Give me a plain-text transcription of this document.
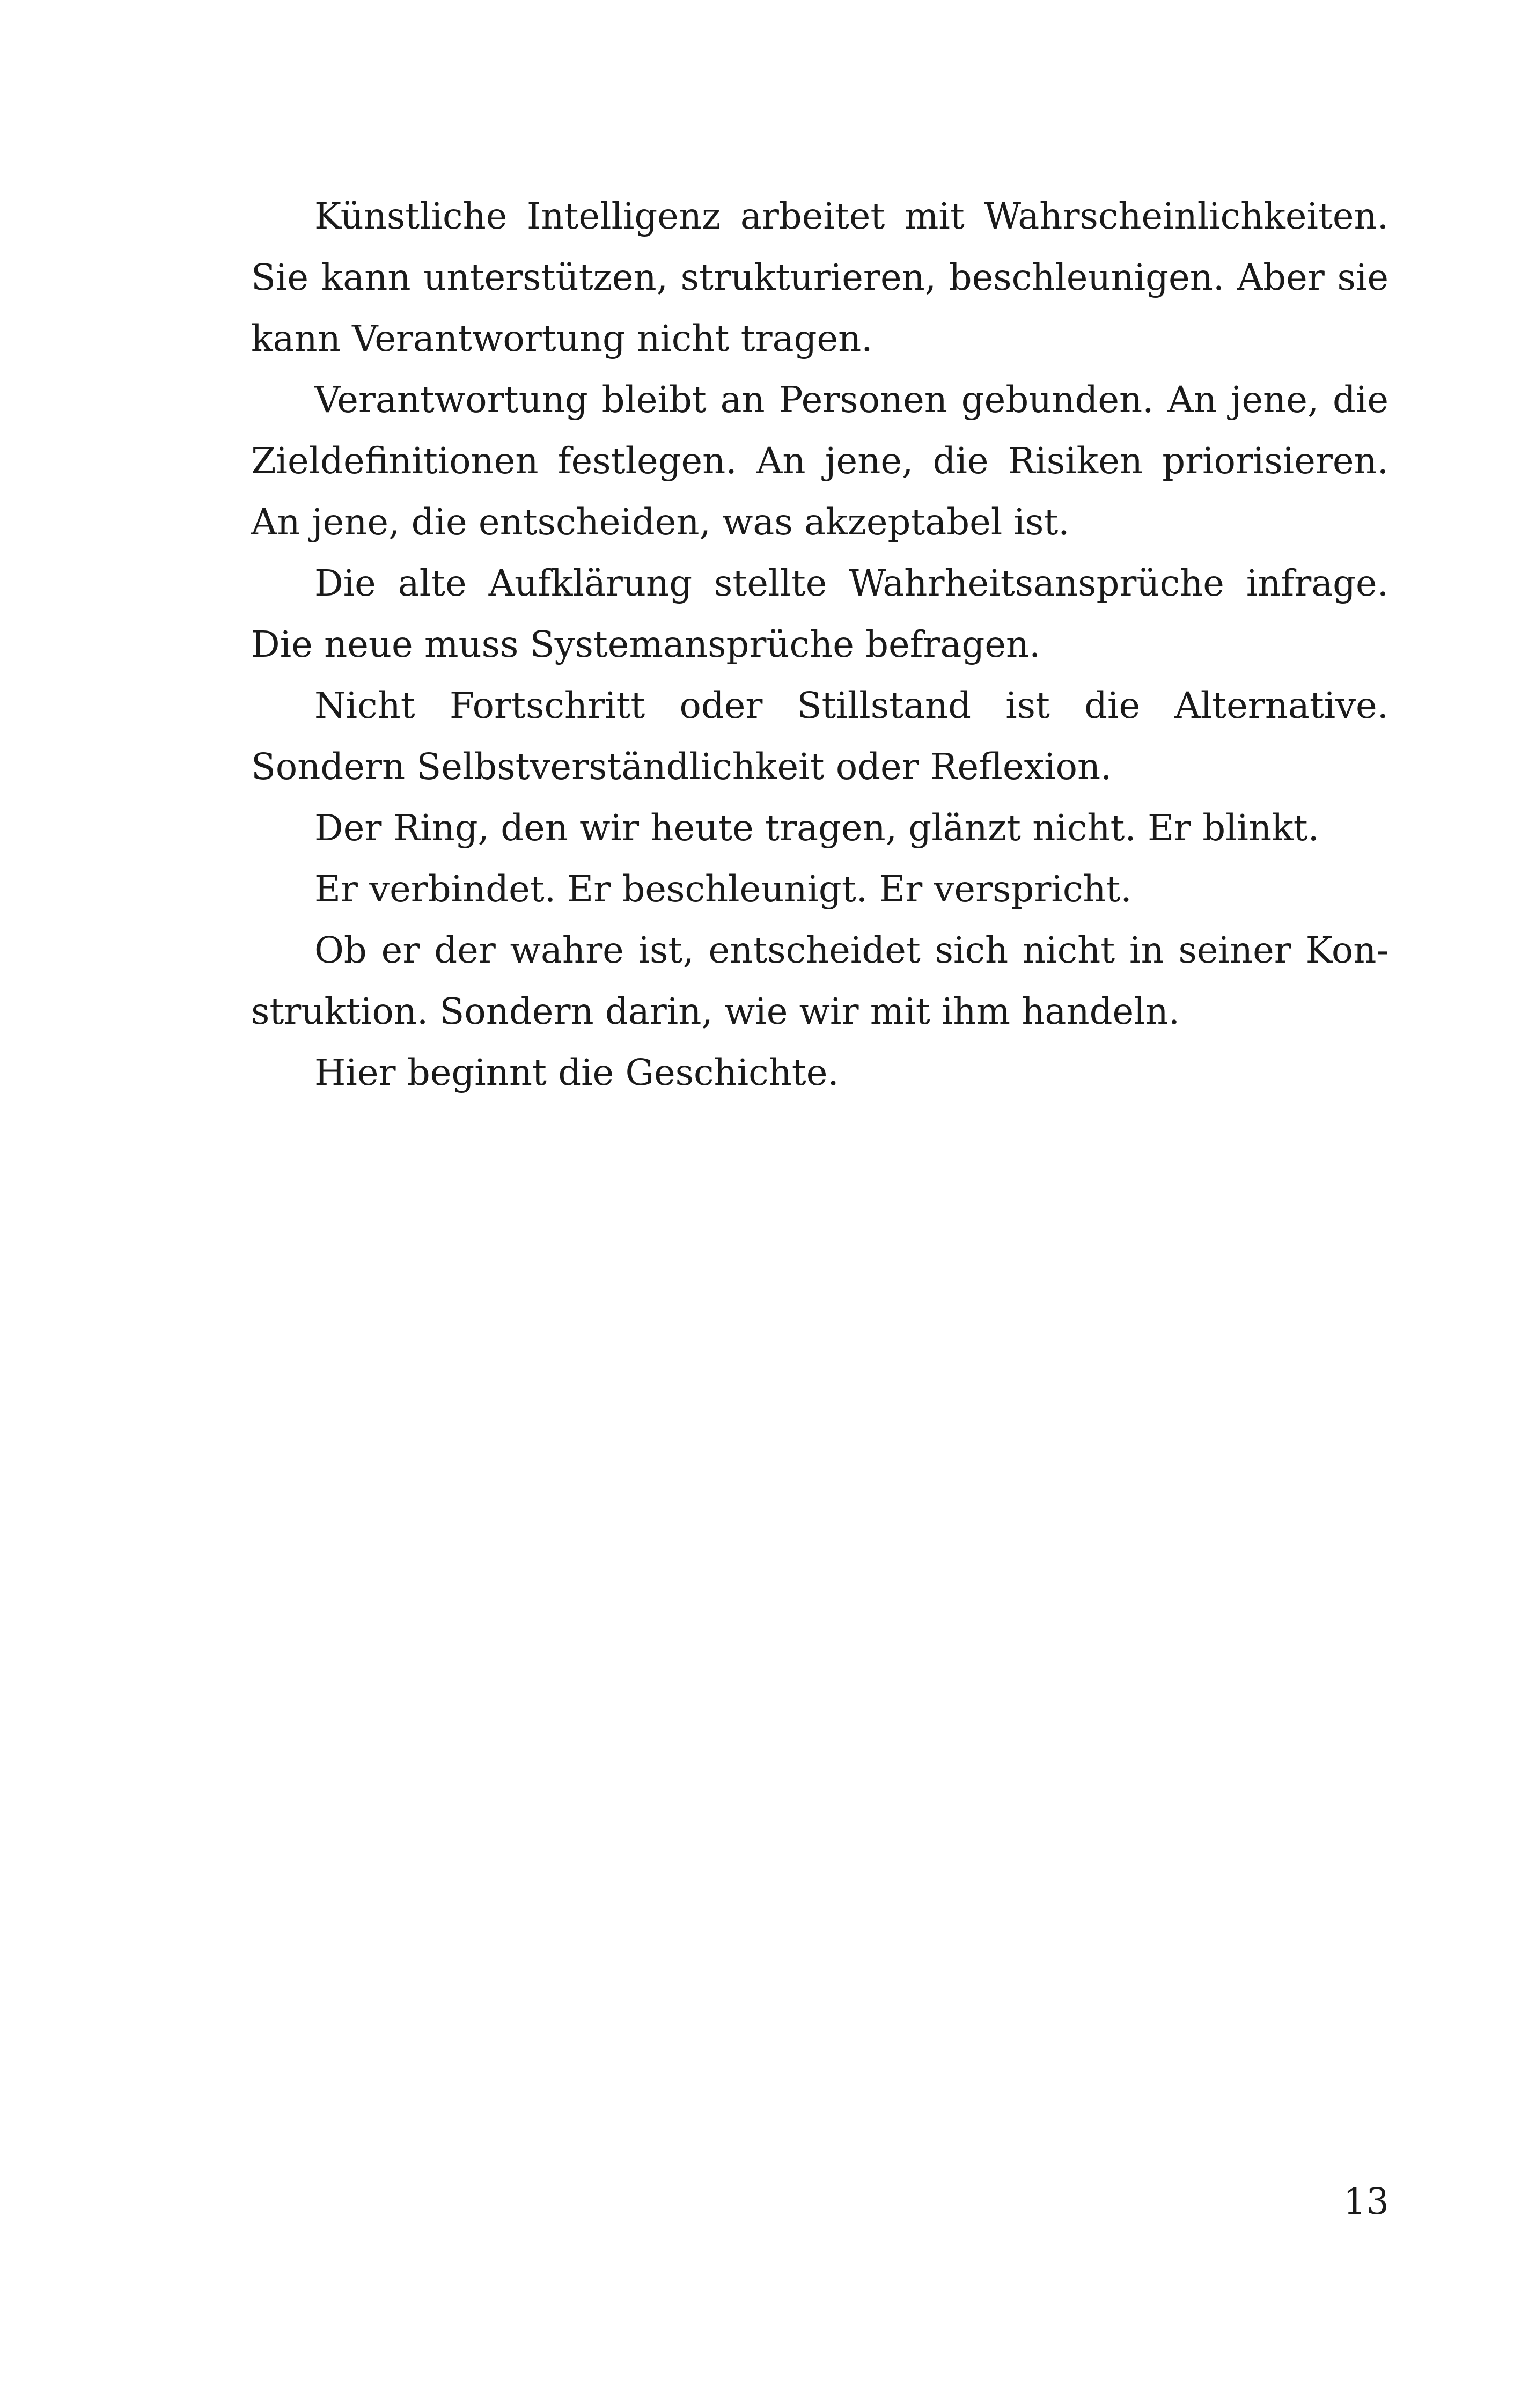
Künstliche Intelligenz arbeitet mit Wahrscheinlichkeiten. Sie kann unterstützen, strukturieren, beschleunigen. Aber sie kann Verantwortung nicht tragen.

Verantwortung bleibt an Personen gebunden. An jene, die Zieldefinitionen festlegen. An jene, die Risiken priorisieren. An jene, die entscheiden, was akzeptabel ist.

Die alte Aufklärung stellte Wahrheitsansprüche infrage. Die neue muss Systemansprüche befragen.

Nicht Fortschritt oder Stillstand ist die Alternative. Sondern Selbstverständlichkeit oder Reflexion.

Der Ring, den wir heute tragen, glänzt nicht. Er blinkt.

Er verbindet. Er beschleunigt. Er verspricht.

Ob er der wahre ist, entscheidet sich nicht in seiner Konstruktion. Sondern darin, wie wir mit ihm handeln.

Hier beginnt die Geschichte.

13
